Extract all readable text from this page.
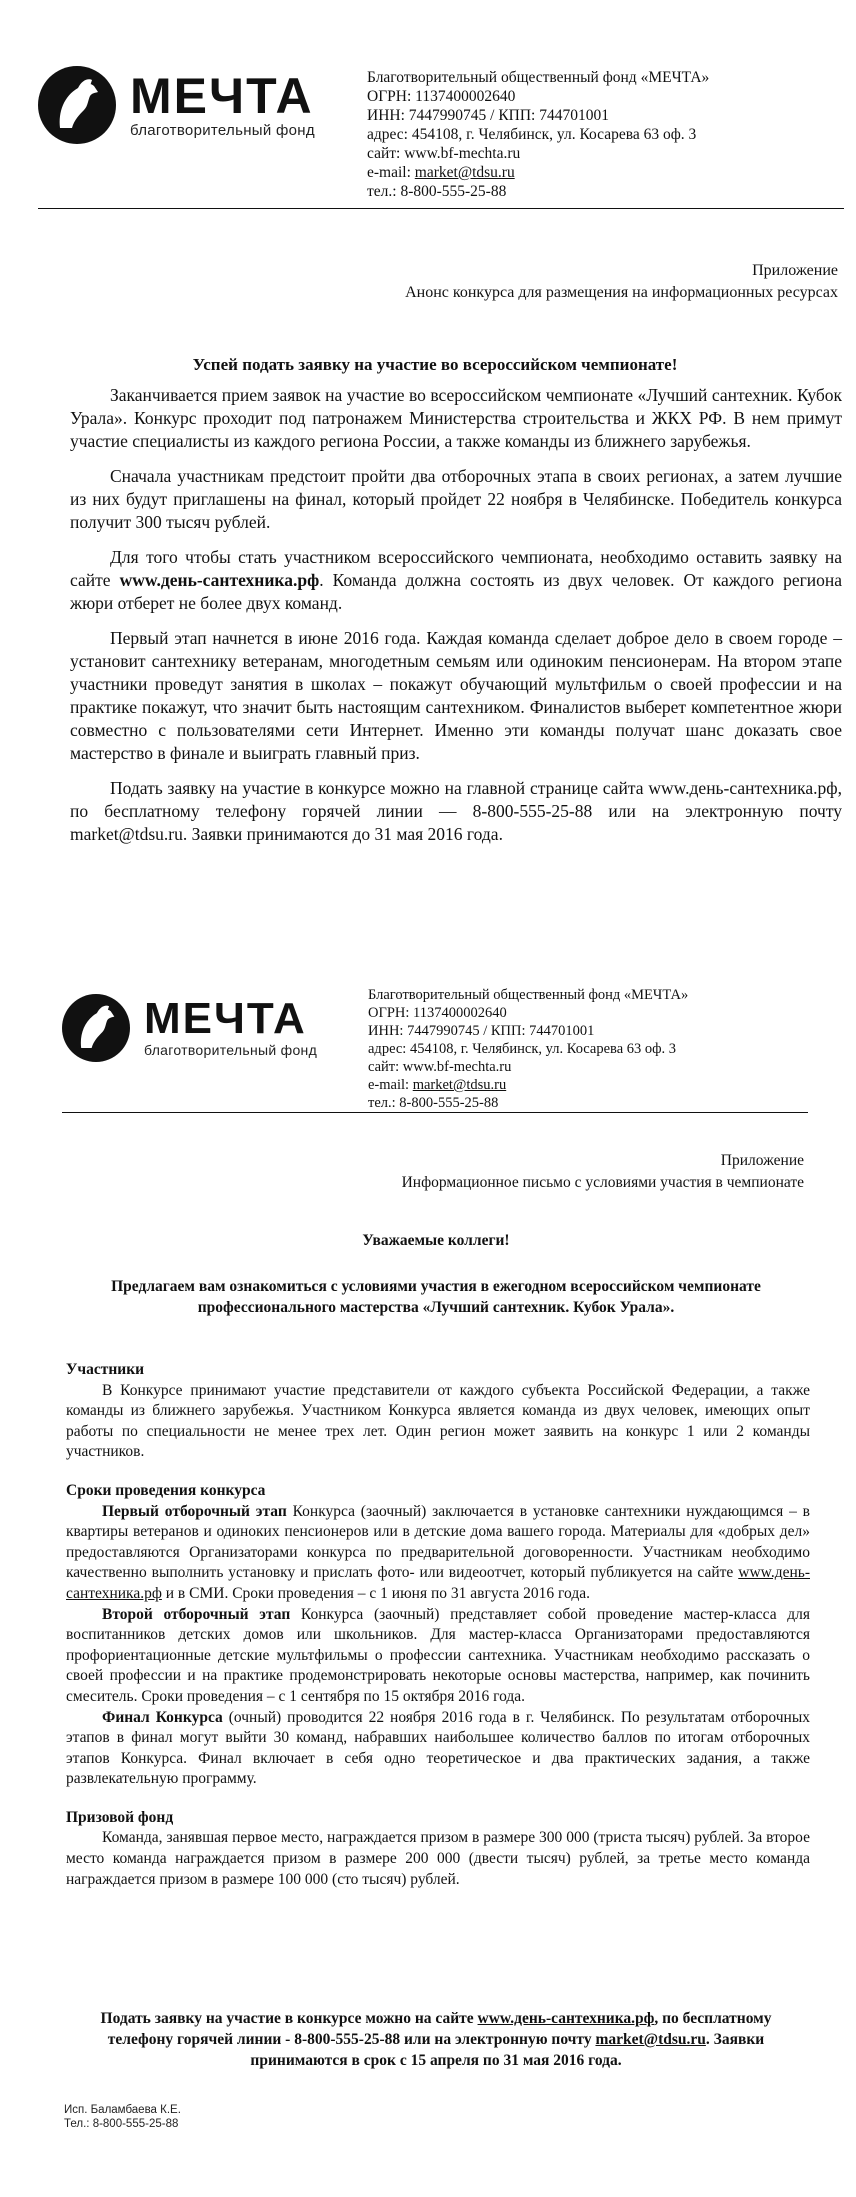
МЕЧТА
благотворительный фонд
Благотворительный общественный фонд «МЕЧТА»
ОГРН: 1137400002640
ИНН: 7447990745 / КПП: 744701001
адрес: 454108, г. Челябинск, ул. Косарева 63 оф. 3
сайт: www.bf-mechta.ru
e-mail: market@tdsu.ru
тел.: 8-800-555-25-88
Приложение
Анонс конкурса для размещения на информационных ресурсах
Успей подать заявку на участие во всероссийском чемпионате!

Заканчивается прием заявок на участие во всероссийском чемпионате «Лучший сантехник. Кубок Урала». Конкурс проходит под патронажем Министерства строительства и ЖКХ РФ. В нем примут участие специалисты из каждого региона России, а также команды из ближнего зарубежья.

Сначала участникам предстоит пройти два отборочных этапа в своих регионах, а затем лучшие из них будут приглашены на финал, который пройдет 22 ноября в Челябинске. Победитель конкурса получит 300 тысяч рублей.

Для того чтобы стать участником всероссийского чемпионата, необходимо оставить заявку на сайте www.день-сантехника.рф. Команда должна состоять из двух человек. От каждого региона жюри отберет не более двух команд.

Первый этап начнется в июне 2016 года. Каждая команда сделает доброе дело в своем городе – установит сантехнику ветеранам, многодетным семьям или одиноким пенсионерам. На втором этапе участники проведут занятия в школах – покажут обучающий мультфильм о своей профессии и на практике покажут, что значит быть настоящим сантехником. Финалистов выберет компетентное жюри совместно с пользователями сети Интернет. Именно эти команды получат шанс доказать свое мастерство в финале и выиграть главный приз.

Подать заявку на участие в конкурсе можно на главной странице сайта www.день-сантехника.рф, по бесплатному телефону горячей линии — 8-800-555-25-88 или на электронную почту market@tdsu.ru. Заявки принимаются до 31 мая 2016 года.

МЕЧТА
благотворительный фонд
Благотворительный общественный фонд «МЕЧТА»
ОГРН: 1137400002640
ИНН: 7447990745 / КПП: 744701001
адрес: 454108, г. Челябинск, ул. Косарева 63 оф. 3
сайт: www.bf-mechta.ru
e-mail: market@tdsu.ru
тел.: 8-800-555-25-88
Приложение
Информационное письмо с условиями участия в чемпионате
Уважаемые коллеги!
Предлагаем вам ознакомиться с условиями участия в ежегодном всероссийском чемпионате профессионального мастерства «Лучший сантехник. Кубок Урала».

Участники

В Конкурсе принимают участие представители от каждого субъекта Российской Федерации, а также команды из ближнего зарубежья. Участником Конкурса является команда из двух человек, имеющих опыт работы по специальности не менее трех лет. Один регион может заявить на конкурс 1 или 2 команды участников.

Сроки проведения конкурса

Первый отборочный этап Конкурса (заочный) заключается в установке сантехники нуждающимся – в квартиры ветеранов и одиноких пенсионеров или в детские дома вашего города. Материалы для «добрых дел» предоставляются Организаторами конкурса по предварительной договоренности. Участникам необходимо качественно выполнить установку и прислать фото- или видеоотчет, который публикуется на сайте www.день-сантехника.рф и в СМИ. Сроки проведения – с 1 июня по 31 августа 2016 года.

Второй отборочный этап Конкурса (заочный) представляет собой проведение мастер-класса для воспитанников детских домов или школьников. Для мастер-класса Организаторами предоставляются профориентационные детские мультфильмы о профессии сантехника. Участникам необходимо рассказать о своей профессии и на практике продемонстрировать некоторые основы мастерства, например, как починить смеситель. Сроки проведения – с 1 сентября по 15 октября 2016 года.

Финал Конкурса (очный) проводится 22 ноября 2016 года в г. Челябинск. По результатам отборочных этапов в финал могут выйти 30 команд, набравших наибольшее количество баллов по итогам отборочных этапов Конкурса. Финал включает в себя одно теоретическое и два практических задания, а также развлекательную программу.

Призовой фонд

Команда, занявшая первое место, награждается призом в размере 300 000 (триста тысяч) рублей. За второе место команда награждается призом в размере 200 000 (двести тысяч) рублей, за третье место команда награждается призом в размере 100 000 (сто тысяч) рублей.

Подать заявку на участие в конкурсе можно на сайте www.день-сантехника.рф, по бесплатному телефону горячей линии - 8-800-555-25-88 или на электронную почту market@tdsu.ru. Заявки принимаются в срок с 15 апреля по 31 мая 2016 года.
Исп. Баламбаева К.Е.
Тел.: 8-800-555-25-88
